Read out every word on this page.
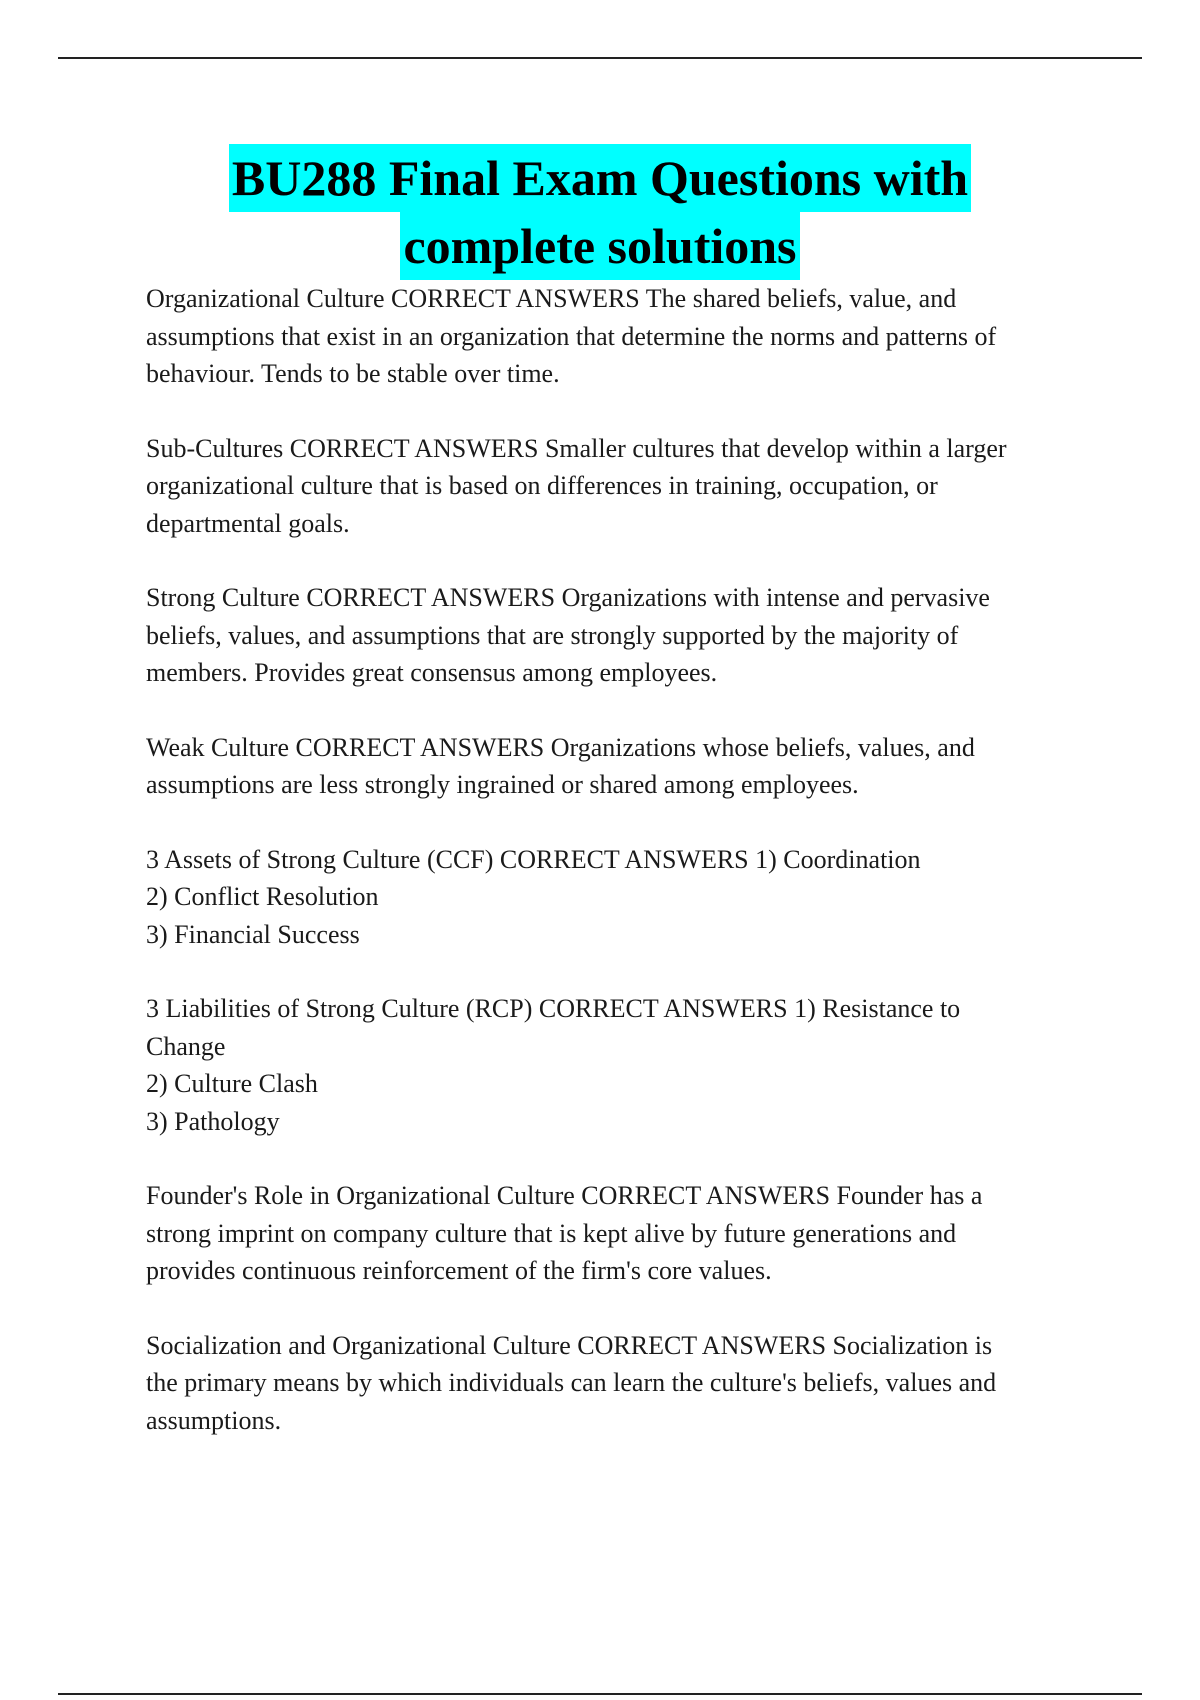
BU288 Final Exam Questions with
complete solutions
Organizational Culture CORRECT ANSWERS The shared beliefs, value, and
assumptions that exist in an organization that determine the norms and patterns of
behaviour. Tends to be stable over time.
Sub-Cultures CORRECT ANSWERS Smaller cultures that develop within a larger
organizational culture that is based on differences in training, occupation, or
departmental goals.
Strong Culture CORRECT ANSWERS Organizations with intense and pervasive
beliefs, values, and assumptions that are strongly supported by the majority of
members. Provides great consensus among employees.
Weak Culture CORRECT ANSWERS Organizations whose beliefs, values, and
assumptions are less strongly ingrained or shared among employees.
3 Assets of Strong Culture (CCF) CORRECT ANSWERS 1) Coordination
2) Conflict Resolution
3) Financial Success
3 Liabilities of Strong Culture (RCP) CORRECT ANSWERS 1) Resistance to
Change
2) Culture Clash
3) Pathology
Founder's Role in Organizational Culture CORRECT ANSWERS Founder has a
strong imprint on company culture that is kept alive by future generations and
provides continuous reinforcement of the firm's core values.
Socialization and Organizational Culture CORRECT ANSWERS Socialization is
the primary means by which individuals can learn the culture's beliefs, values and
assumptions.
